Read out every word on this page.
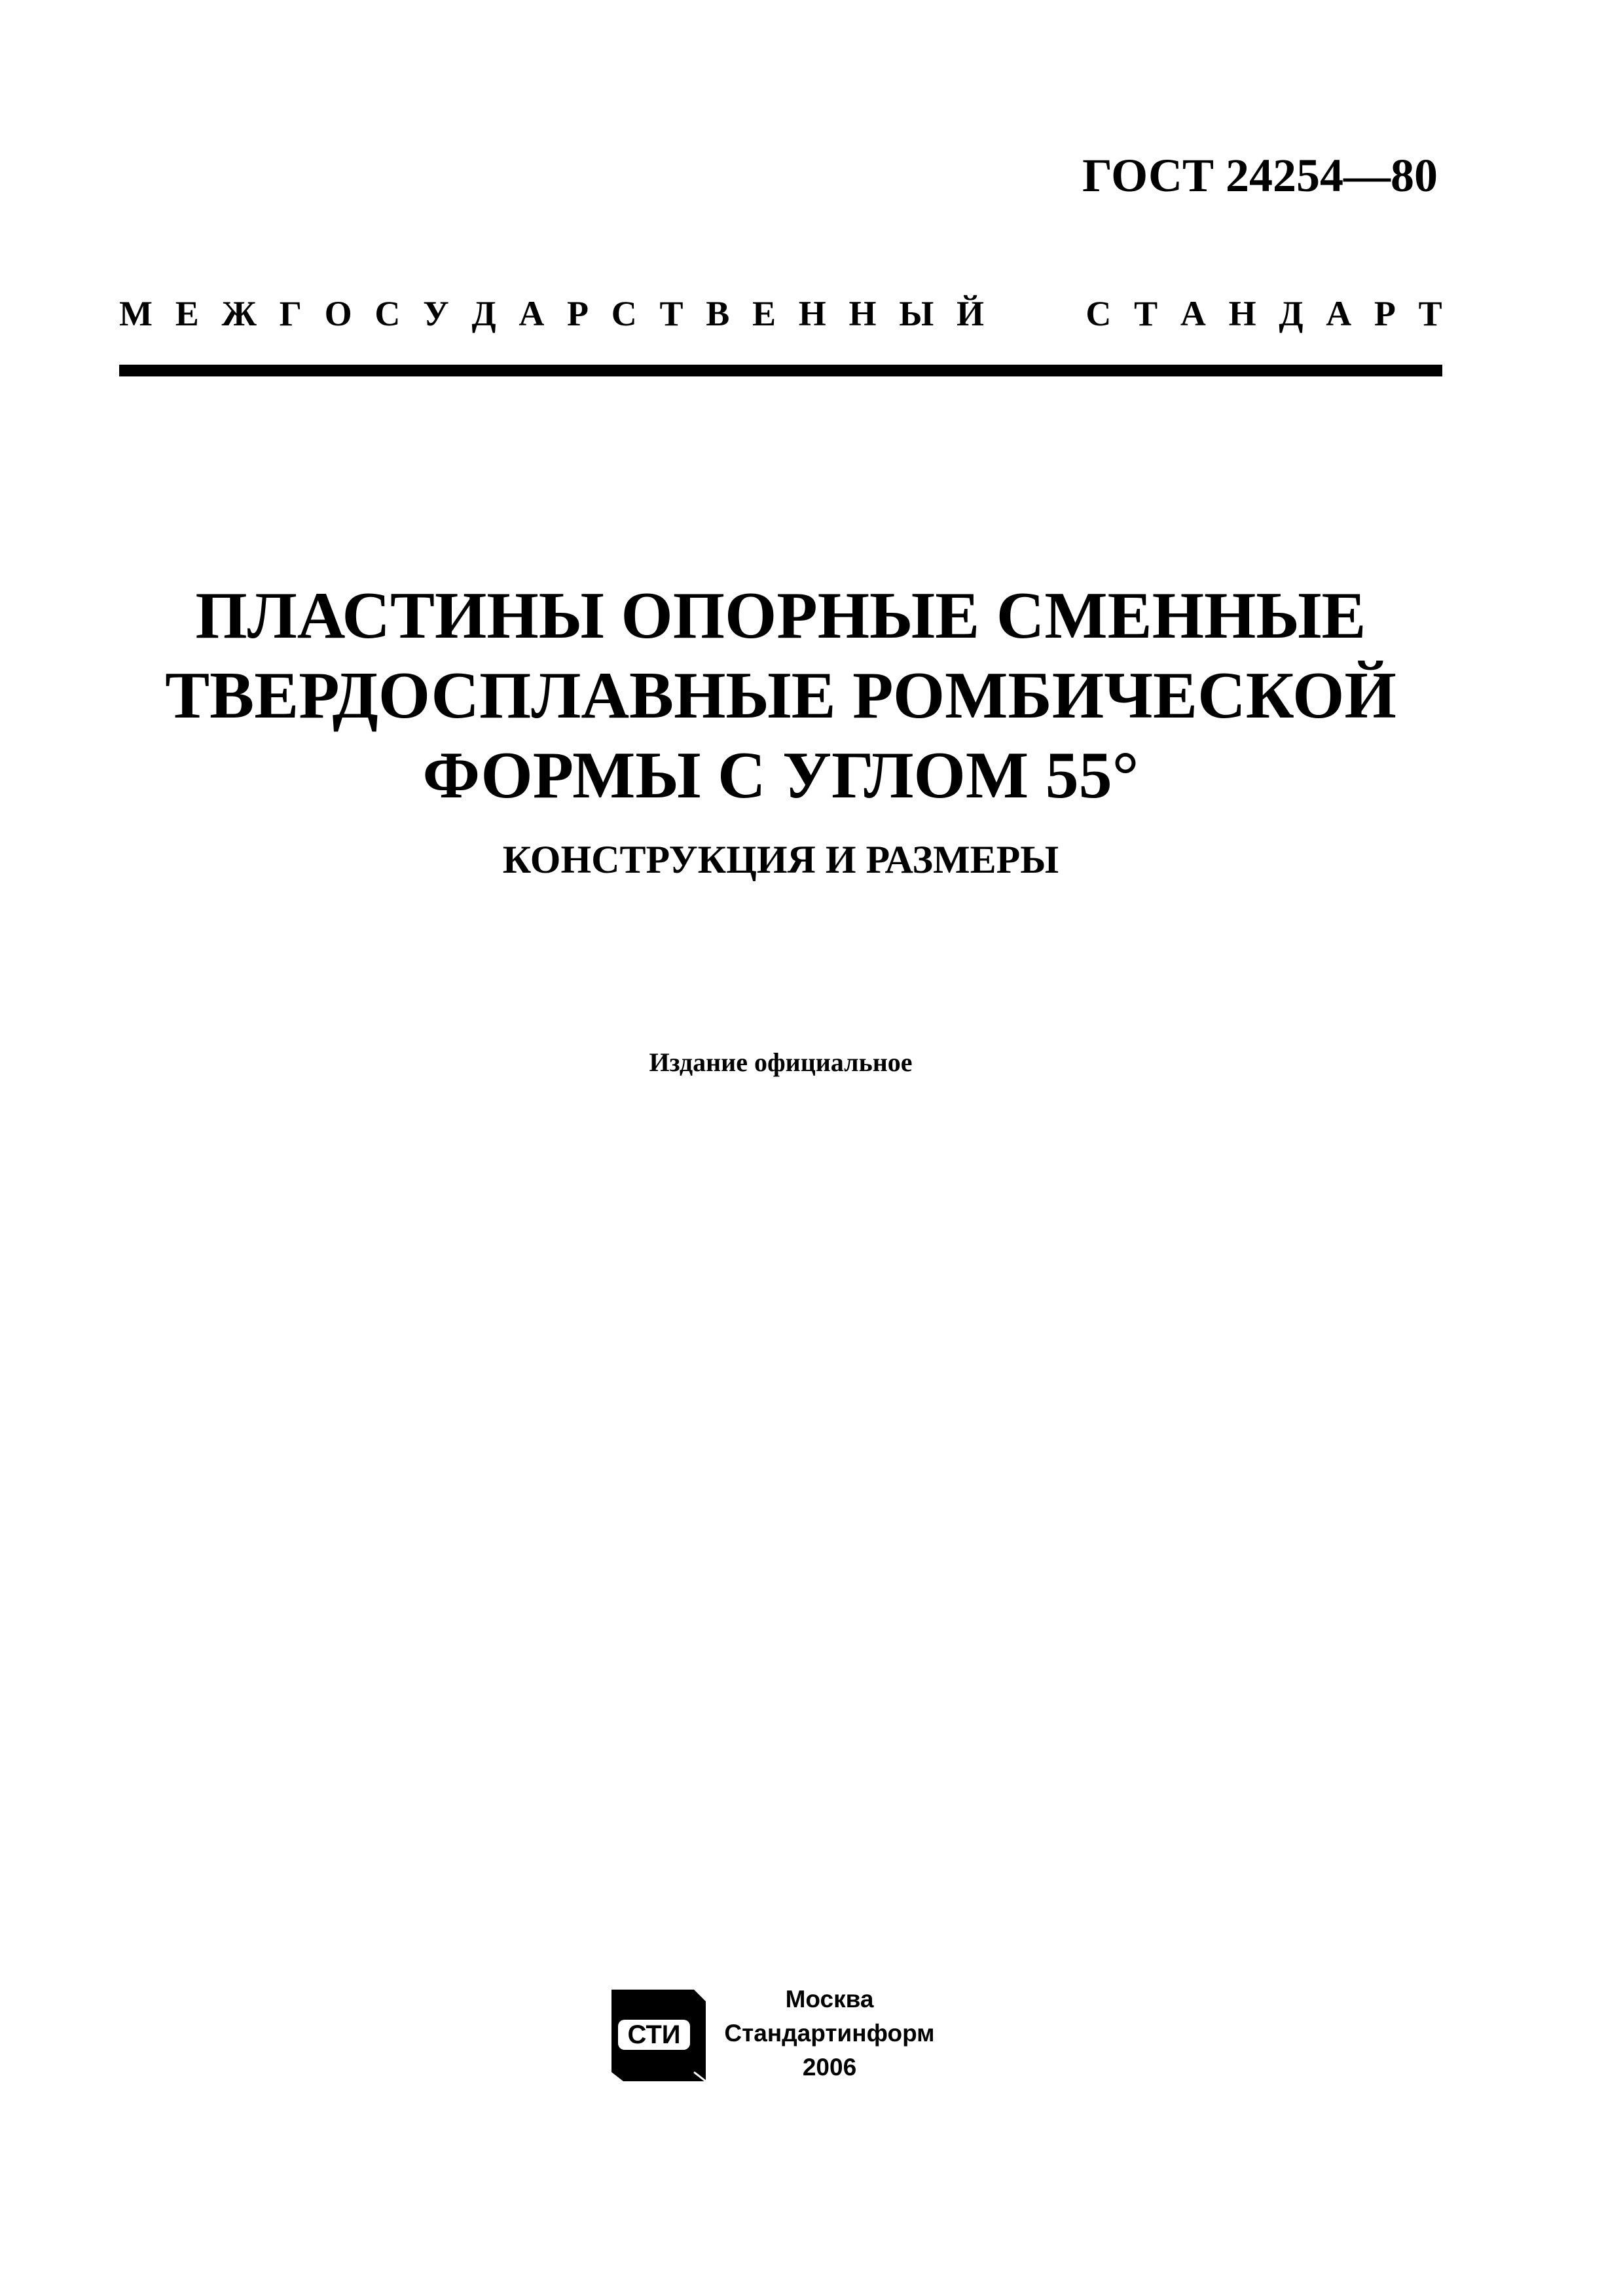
ГОСТ 24254—80
М Е Ж Г О С У Д А Р С Т В Е Н Н Ы Й	С Т А Н Д А Р Т
ПЛАСТИНЫ ОПОРНЫЕ СМЕННЫЕ
ТВЕРДОСПЛАВНЫЕ РОМБИЧЕСКОЙ
ФОРМЫ С УГЛОМ 55°
КОНСТРУКЦИЯ И РАЗМЕРЫ
Издание официальное
СТИ
Москва
Стандартинформ
2006
